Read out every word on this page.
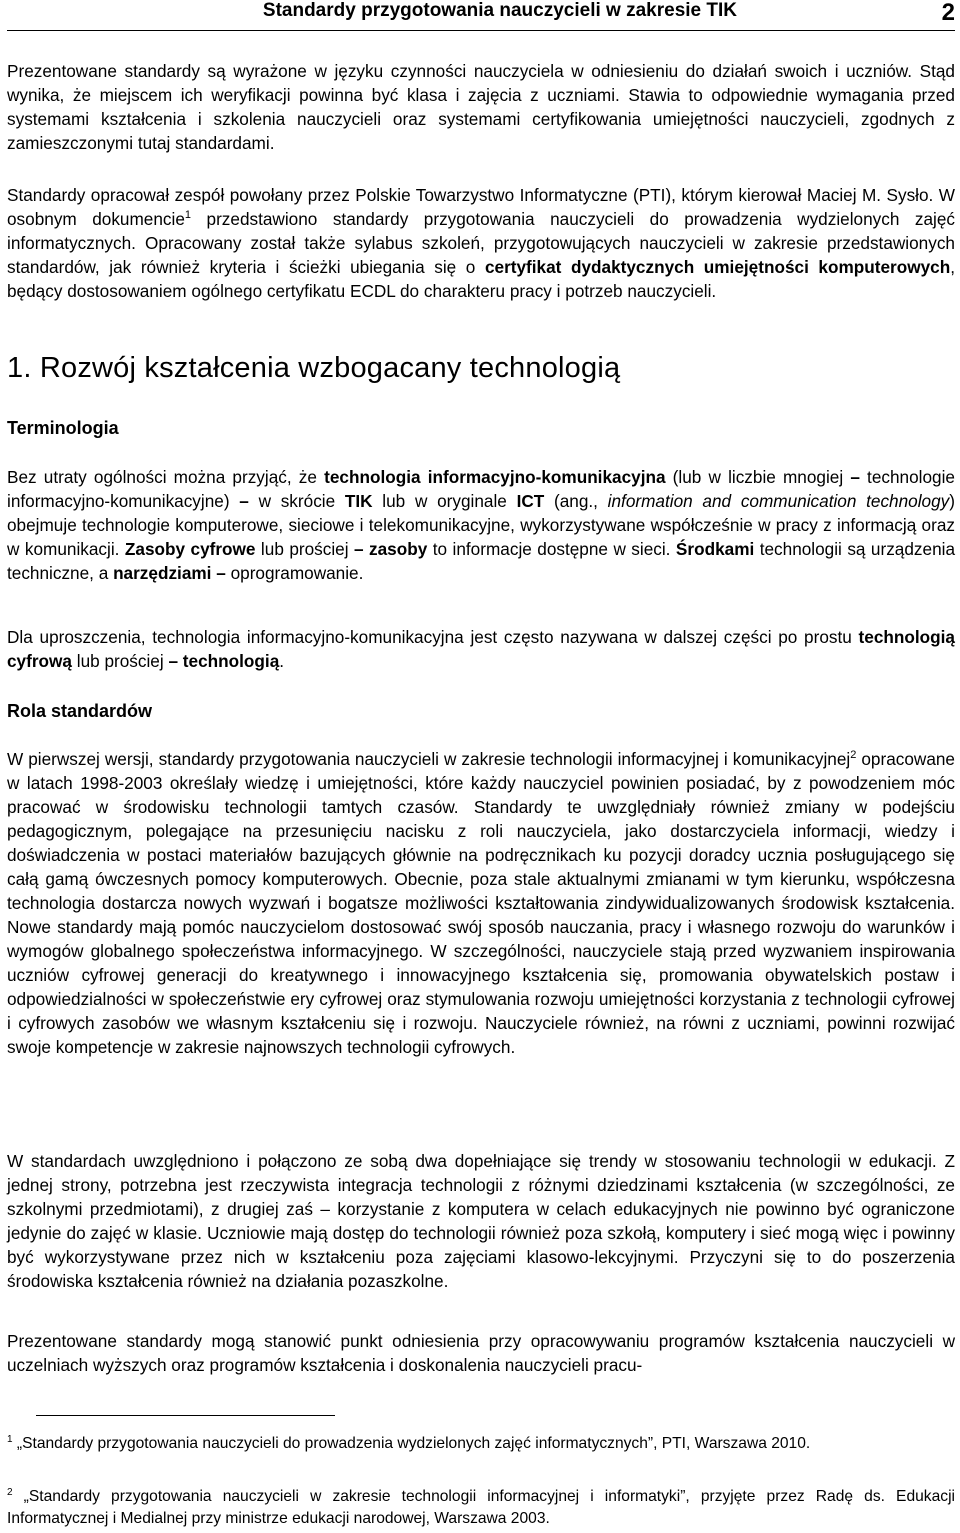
Standardy przygotowania nauczycieli w zakresie TIK	2
Prezentowane standardy są wyrażone w języku czynności nauczyciela w odniesieniu do działań swoich i uczniów. Stąd wynika, że miejscem ich weryfikacji powinna być klasa i zajęcia z uczniami. Stawia to odpowiednie wymagania przed systemami kształcenia i szkolenia nauczycieli oraz systemami certyfikowania umiejętności nauczycieli, zgodnych z zamieszczonymi tutaj standardami.
Standardy opracował zespół powołany przez Polskie Towarzystwo Informatyczne (PTI), którym kierował Maciej M. Sysło. W osobnym dokumencie$^1$ przedstawiono standardy przygotowania nauczycieli do prowadzenia wydzielonych zajęć informatycznych. Opracowany został także sylabus szkoleń, przygotowujących nauczycieli w zakresie przedstawionych standardów, jak również kryteria i ścieżki ubiegania się o certyfikat dydaktycznych umiejętności komputerowych, będący dostosowaniem ogólnego certyfikatu ECDL do charakteru pracy i potrzeb nauczycieli.
1. Rozwój kształcenia wzbogacany technologią
Terminologia
Bez utraty ogólności można przyjąć, że technologia informacyjno-komunikacyjna (lub w liczbie mnogiej – technologie informacyjno-komunikacyjne) – w skrócie TIK lub w oryginale ICT (ang., information and communication technology) obejmuje technologie komputerowe, sieciowe i telekomunikacyjne, wykorzystywane współcześnie w pracy z informacją oraz w komunikacji. Zasoby cyfrowe lub prościej – zasoby to informacje dostępne w sieci. Środkami technologii są urządzenia techniczne, a narzędziami – oprogramowanie.
Dla uproszczenia, technologia informacyjno-komunikacyjna jest często nazywana w dalszej części po prostu technologią cyfrową lub prościej – technologią.
Rola standardów
W pierwszej wersji, standardy przygotowania nauczycieli w zakresie technologii informacyjnej i komunikacyjnej$^2$ opracowane w latach 1998-2003 określały wiedzę i umiejętności, które każdy nauczyciel powinien posiadać, by z powodzeniem móc pracować w środowisku technologii tamtych czasów. Standardy te uwzględniały również zmiany w podejściu pedagogicznym, polegające na przesunięciu nacisku z roli nauczyciela, jako dostarczyciela informacji, wiedzy i doświadczenia w postaci materiałów bazujących głównie na podręcznikach ku pozycji doradcy ucznia posługującego się całą gamą ówczesnych pomocy komputerowych. Obecnie, poza stale aktualnymi zmianami w tym kierunku, współczesna technologia dostarcza nowych wyzwań i bogatsze możliwości kształtowania zindywidualizowanych środowisk kształcenia. Nowe standardy mają pomóc nauczycielom dostosować swój sposób nauczania, pracy i własnego rozwoju do warunków i wymogów globalnego społeczeństwa informacyjnego. W szczególności, nauczyciele stają przed wyzwaniem inspirowania uczniów cyfrowej generacji do kreatywnego i innowacyjnego kształcenia się, promowania obywatelskich postaw i odpowiedzialności w społeczeństwie ery cyfrowej oraz stymulowania rozwoju umiejętności korzystania z technologii cyfrowej i cyfrowych zasobów we własnym kształceniu się i rozwoju. Nauczyciele również, na równi z uczniami, powinni rozwijać swoje kompetencje w zakresie najnowszych technologii cyfrowych.
W standardach uwzględniono i połączono ze sobą dwa dopełniające się trendy w stosowaniu technologii w edukacji. Z jednej strony, potrzebna jest rzeczywista integracja technologii z różnymi dziedzinami kształcenia (w szczególności, ze szkolnymi przedmiotami), z drugiej zaś – korzystanie z komputera w celach edukacyjnych nie powinno być ograniczone jedynie do zajęć w klasie. Uczniowie mają dostęp do technologii również poza szkołą, komputery i sieć mogą więc i powinny być wykorzystywane przez nich w kształceniu poza zajęciami klasowo-lekcyjnymi. Przyczyni się to do poszerzenia środowiska kształcenia również na działania pozaszkolne.
Prezentowane standardy mogą stanowić punkt odniesienia przy opracowywaniu programów kształcenia nauczycieli w uczelniach wyższych oraz programów kształcenia i doskonalenia nauczycieli pracu-
$^1$ „Standardy przygotowania nauczycieli do prowadzenia wydzielonych zajęć informatycznych”, PTI, Warszawa 2010.
$^2$ „Standardy przygotowania nauczycieli w zakresie technologii informacyjnej i informatyki”, przyjęte przez Radę ds. Edukacji Informatycznej i Medialnej przy ministrze edukacji narodowej, Warszawa 2003.
